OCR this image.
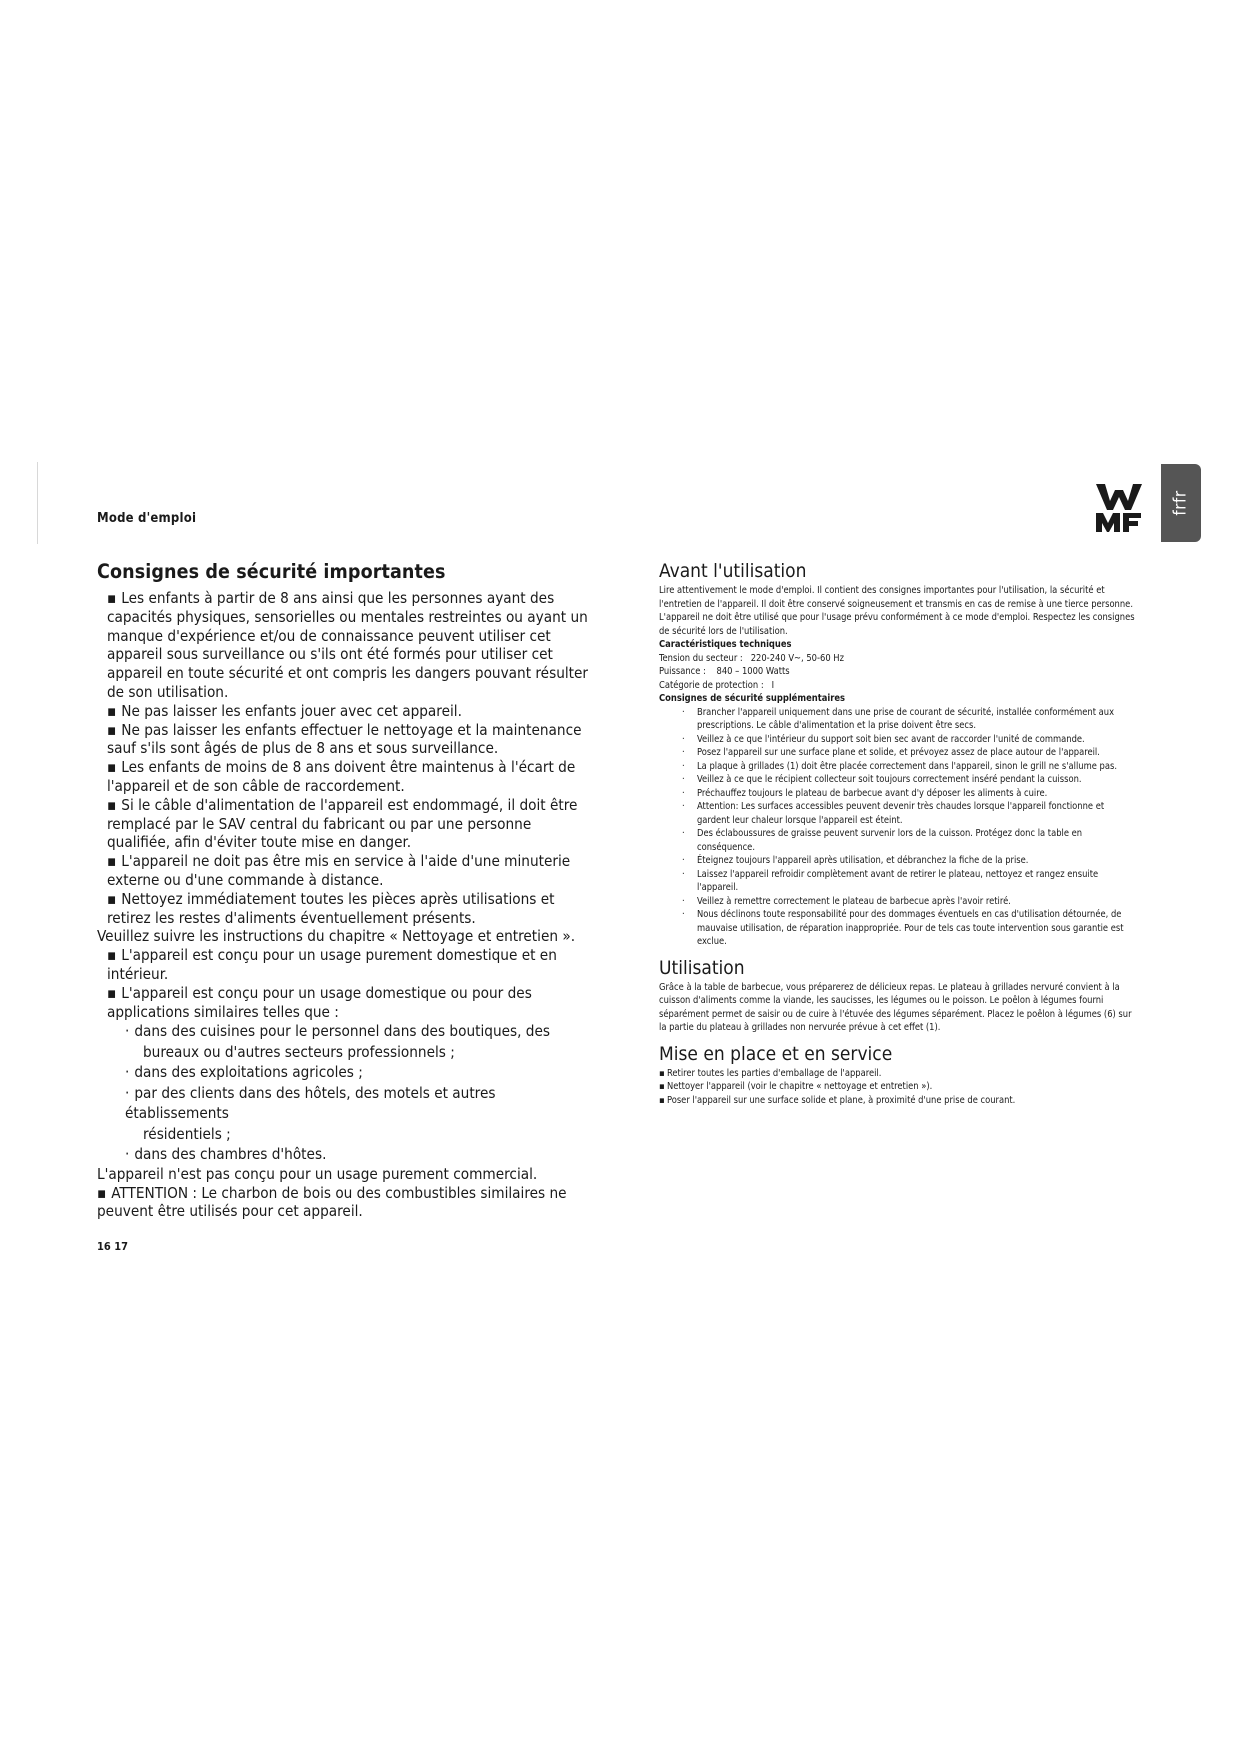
Mode d'emploi
frfr
Consignes de sécurité importantes

▪ Les enfants à partir de 8 ans ainsi que les personnes ayant des capacités physiques, sensorielles ou mentales restreintes ou ayant un manque d'expérience et/ou de connaissance peuvent utiliser cet appareil sous surveillance ou s'ils ont été formés pour utiliser cet appareil en toute sécurité et ont compris les dangers pouvant résulter de son utilisation.

▪ Ne pas laisser les enfants jouer avec cet appareil.

▪ Ne pas laisser les enfants effectuer le nettoyage et la maintenance sauf s'ils sont âgés de plus de 8 ans et sous surveillance.

▪ Les enfants de moins de 8 ans doivent être maintenus à l'écart de l'appareil et de son câble de raccordement.

▪ Si le câble d'alimentation de l'appareil est endommagé, il doit être remplacé par le SAV central du fabricant ou par une personne qualifiée, afin d'éviter toute mise en danger.

▪ L'appareil ne doit pas être mis en service à l'aide d'une minuterie externe ou d'une commande à distance.

▪ Nettoyez immédiatement toutes les pièces après utilisations et retirez les restes d'aliments éventuellement présents.

Veuillez suivre les instructions du chapitre « Nettoyage et entretien ».

▪ L'appareil est conçu pour un usage purement domestique et en intérieur.

▪ L'appareil est conçu pour un usage domestique ou pour des applications similaires telles que :

· dans des cuisines pour le personnel dans des boutiques, des
bureaux ou d'autres secteurs professionnels ;
· dans des exploitations agricoles ;
· par des clients dans des hôtels, des motels et autres établissements
résidentiels ;
· dans des chambres d'hôtes.

L'appareil n'est pas conçu pour un usage purement commercial.

▪ ATTENTION : Le charbon de bois ou des combustibles similaires ne peuvent être utilisés pour cet appareil.

Avant l'utilisation

Lire attentivement le mode d'emploi. Il contient des consignes importantes pour l'utilisation, la sécurité et l'entretien de l'appareil. Il doit être conservé soigneusement et transmis en cas de remise à une tierce personne.

L'appareil ne doit être utilisé que pour l'usage prévu conformément à ce mode d'emploi. Respectez les consignes de sécurité lors de l'utilisation.

Caractéristiques techniques

Tension du secteur : 220-240 V~, 50-60 Hz

Puissance : 840 – 1000 Watts

Catégorie de protection : I

Consignes de sécurité supplémentaires

· Brancher l'appareil uniquement dans une prise de courant de sécurité, installée conformément aux prescriptions. Le câble d'alimentation et la prise doivent être secs.
· Veillez à ce que l'intérieur du support soit bien sec avant de raccorder l'unité de commande.
· Posez l'appareil sur une surface plane et solide, et prévoyez assez de place autour de l'appareil.
· La plaque à grillades (1) doit être placée correctement dans l'appareil, sinon le grill ne s'allume pas.
· Veillez à ce que le récipient collecteur soit toujours correctement inséré pendant la cuisson.
· Préchauffez toujours le plateau de barbecue avant d'y déposer les aliments à cuire.
· Attention: Les surfaces accessibles peuvent devenir très chaudes lorsque l'appareil fonctionne et gardent leur chaleur lorsque l'appareil est éteint.
· Des éclaboussures de graisse peuvent survenir lors de la cuisson. Protégez donc la table en conséquence.
· Éteignez toujours l'appareil après utilisation, et débranchez la fiche de la prise.
· Laissez l'appareil refroidir complètement avant de retirer le plateau, nettoyez et rangez ensuite l'appareil.
· Veillez à remettre correctement le plateau de barbecue après l'avoir retiré.
· Nous déclinons toute responsabilité pour des dommages éventuels en cas d'utilisation détournée, de mauvaise utilisation, de réparation inappropriée. Pour de tels cas toute intervention sous garantie est exclue.
Utilisation

Grâce à la table de barbecue, vous préparerez de délicieux repas. Le plateau à grillades nervuré convient à la cuisson d'aliments comme la viande, les saucisses, les légumes ou le poisson. Le poêlon à légumes fourni séparément permet de saisir ou de cuire à l'étuvée des légumes séparément. Placez le poêlon à légumes (6) sur la partie du plateau à grillades non nervurée prévue à cet effet (1).

Mise en place et en service
▪ Retirer toutes les parties d'emballage de l'appareil.
▪ Nettoyer l'appareil (voir le chapitre « nettoyage et entretien »).
▪ Poser l'appareil sur une surface solide et plane, à proximité d'une prise de courant.
16 17
